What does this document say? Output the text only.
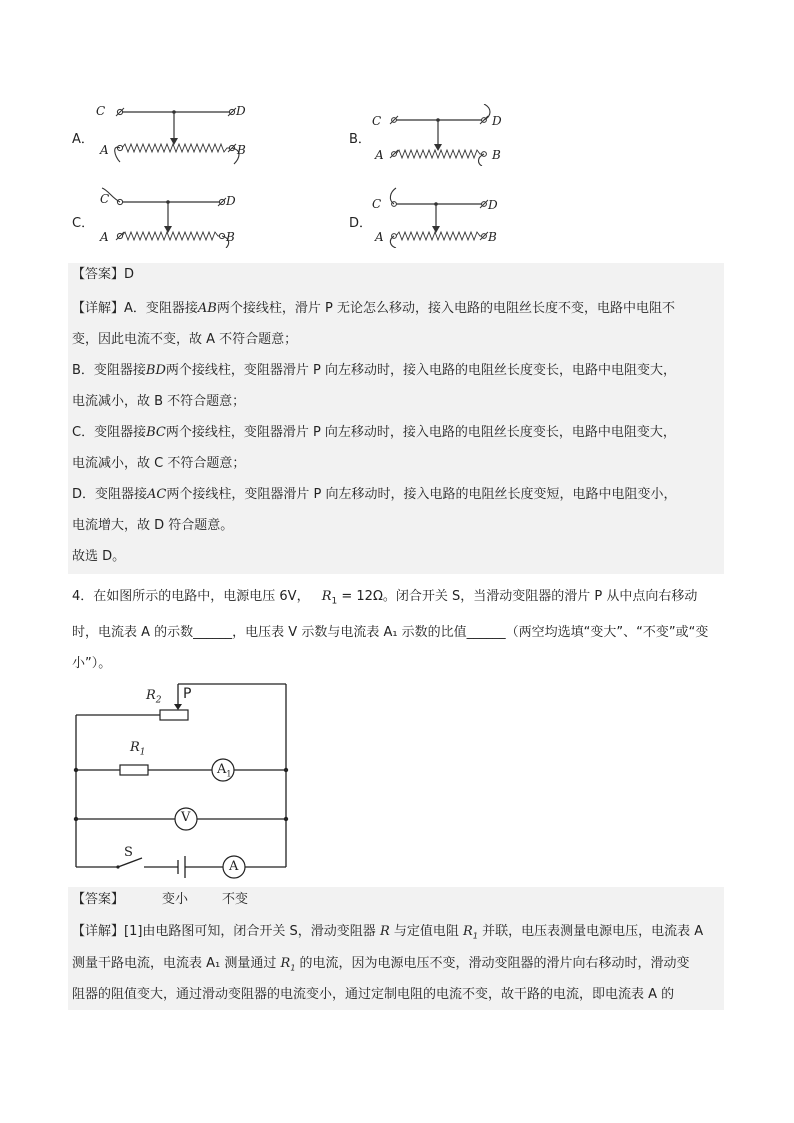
A．
C	D
A	B
B．
C	D
A	B
C．
C	D
A	B
D．
C	D
A	B
【答案】D
【详解】A．变阻器接AB两个接线柱，滑片 P 无论怎么移动，接入电路的电阻丝长度不变，电路中电阻不
变，因此电流不变，故 A 不符合题意；
B．变阻器接BD两个接线柱，变阻器滑片 P 向左移动时，接入电路的电阻丝长度变长，电路中电阻变大，
电流减小，故 B 不符合题意；
C．变阻器接BC两个接线柱，变阻器滑片 P 向左移动时，接入电路的电阻丝长度变长，电路中电阻变大，
电流减小，故 C 不符合题意；
D．变阻器接AC两个接线柱，变阻器滑片 P 向左移动时，接入电路的电阻丝长度变短，电路中电阻变小，
电流增大，故 D 符合题意。
故选 D。
4．在如图所示的电路中，电源电压 6V， $R_1 = 12\Omega$。闭合开关 S，当滑动变阻器的滑片 P 从中点向右移动
时，电流表 A 的示数______，电压表 V 示数与电流表 A₁ 示数的比值______（两空均选填“变大”、“不变”或“变
小”）。
$R_2$ P
$R_1$
$A_1$
V
S
A
【答案】	变小	不变
【详解】[1]由电路图可知，闭合开关 S，滑动变阻器 R 与定值电阻 $R_1$ 并联，电压表测量电源电压，电流表 A
测量干路电流，电流表 A₁ 测量通过 $R_1$ 的电流，因为电源电压不变，滑动变阻器的滑片向右移动时，滑动变
阻器的阻值变大，通过滑动变阻器的电流变小，通过定制电阻的电流不变，故干路的电流，即电流表 A 的
